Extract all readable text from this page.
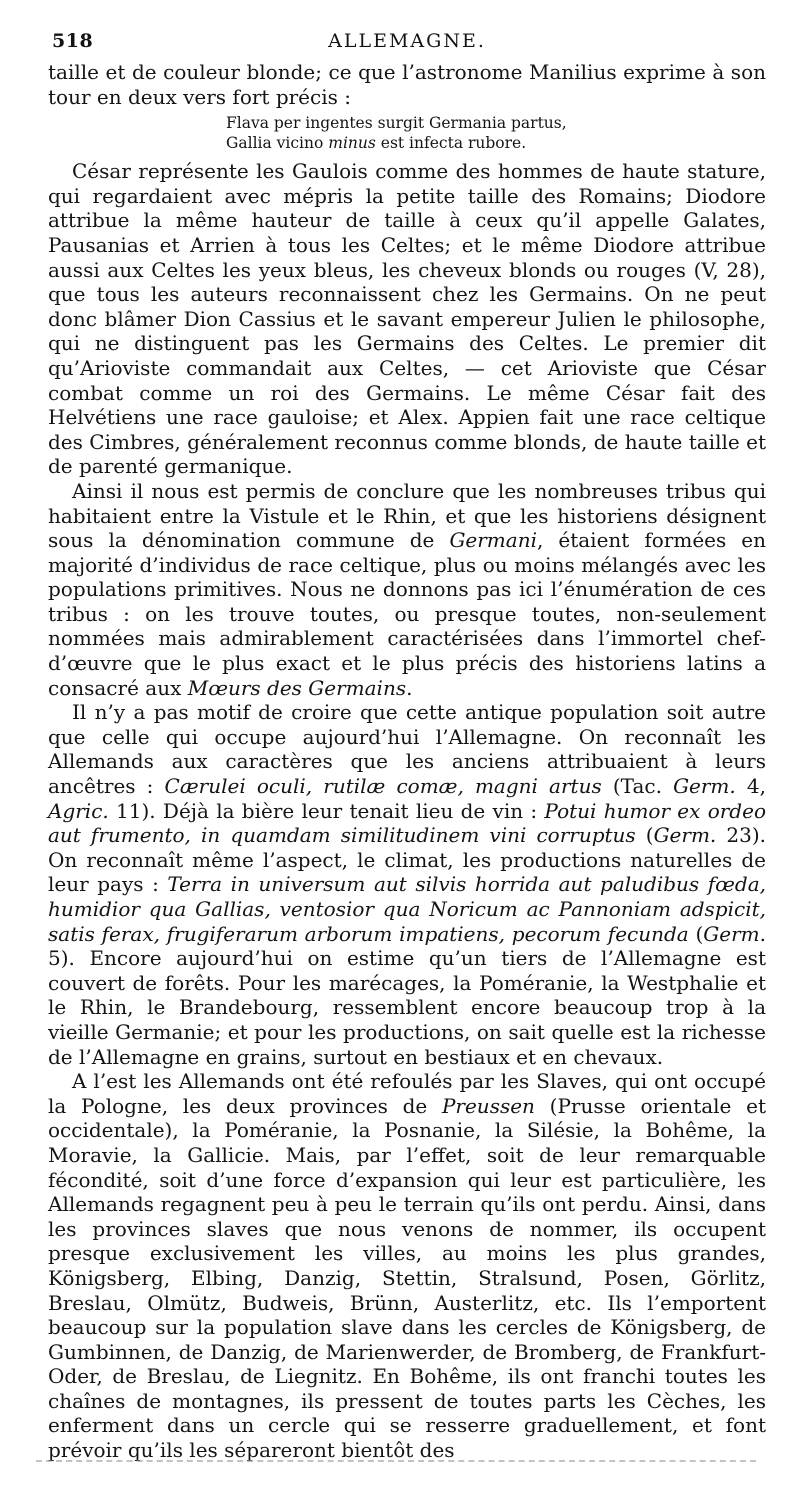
518	ALLEMAGNE.

taille et de couleur blonde; ce que l’astronome Manilius exprime à son tour en deux vers fort précis :

Flava per ingentes surgit Germania partus,
Gallia vicino minus est infecta rubore.

César représente les Gaulois comme des hommes de haute stature, qui regardaient avec mépris la petite taille des Romains; Diodore attribue la même hauteur de taille à ceux qu’il appelle Galates, Pausanias et Arrien à tous les Celtes; et le même Diodore attribue aussi aux Celtes les yeux bleus, les cheveux blonds ou rouges (V, 28), que tous les auteurs reconnaissent chez les Germains. On ne peut donc blâmer Dion Cassius et le savant empereur Julien le philosophe, qui ne distinguent pas les Germains des Celtes. Le premier dit qu’Arioviste commandait aux Celtes, — cet Arioviste que César combat comme un roi des Germains. Le même César fait des Helvétiens une race gauloise; et Alex. Appien fait une race celtique des Cimbres, généralement reconnus comme blonds, de haute taille et de parenté germanique.

Ainsi il nous est permis de conclure que les nombreuses tribus qui habitaient entre la Vistule et le Rhin, et que les historiens désignent sous la dénomination commune de Germani, étaient formées en majorité d’individus de race celtique, plus ou moins mélangés avec les populations primitives. Nous ne donnons pas ici l’énumération de ces tribus : on les trouve toutes, ou presque toutes, non-seulement nommées mais admirablement caractérisées dans l’immortel chef-d’œuvre que le plus exact et le plus précis des historiens latins a consacré aux Mœurs des Germains.

Il n’y a pas motif de croire que cette antique population soit autre que celle qui occupe aujourd’hui l’Allemagne. On reconnaît les Allemands aux caractères que les anciens attribuaient à leurs ancêtres : Cærulei oculi, rutilæ comæ, magni artus (Tac. Germ. 4, Agric. 11). Déjà la bière leur tenait lieu de vin : Potui humor ex ordeo aut frumento, in quamdam similitudinem vini corruptus (Germ. 23). On reconnaît même l’aspect, le climat, les productions naturelles de leur pays : Terra in universum aut silvis horrida aut paludibus fœda, humidior qua Gallias, ventosior qua Noricum ac Pannoniam adspicit, satis ferax, frugiferarum arborum impatiens, pecorum fecunda (Germ. 5). Encore aujourd’hui on estime qu’un tiers de l’Allemagne est couvert de forêts. Pour les marécages, la Poméranie, la Westphalie et le Rhin, le Brandebourg, ressemblent encore beaucoup trop à la vieille Germanie; et pour les productions, on sait quelle est la richesse de l’Allemagne en grains, surtout en bestiaux et en chevaux.

A l’est les Allemands ont été refoulés par les Slaves, qui ont occupé la Pologne, les deux provinces de Preussen (Prusse orientale et occidentale), la Poméranie, la Posnanie, la Silésie, la Bohême, la Moravie, la Gallicie. Mais, par l’effet, soit de leur remarquable fécondité, soit d’une force d’expansion qui leur est particulière, les Allemands regagnent peu à peu le terrain qu’ils ont perdu. Ainsi, dans les provinces slaves que nous venons de nommer, ils occupent presque exclusivement les villes, au moins les plus grandes, Königsberg, Elbing, Danzig, Stettin, Stralsund, Posen, Görlitz, Breslau, Olmütz, Budweis, Brünn, Austerlitz, etc. Ils l’emportent beaucoup sur la population slave dans les cercles de Königsberg, de Gumbinnen, de Danzig, de Marienwerder, de Bromberg, de Frankfurt-Oder, de Breslau, de Liegnitz. En Bohême, ils ont franchi toutes les chaînes de montagnes, ils pressent de toutes parts les Cèches, les enferment dans un cercle qui se resserre graduellement, et font prévoir qu’ils les sépareront bientôt des
